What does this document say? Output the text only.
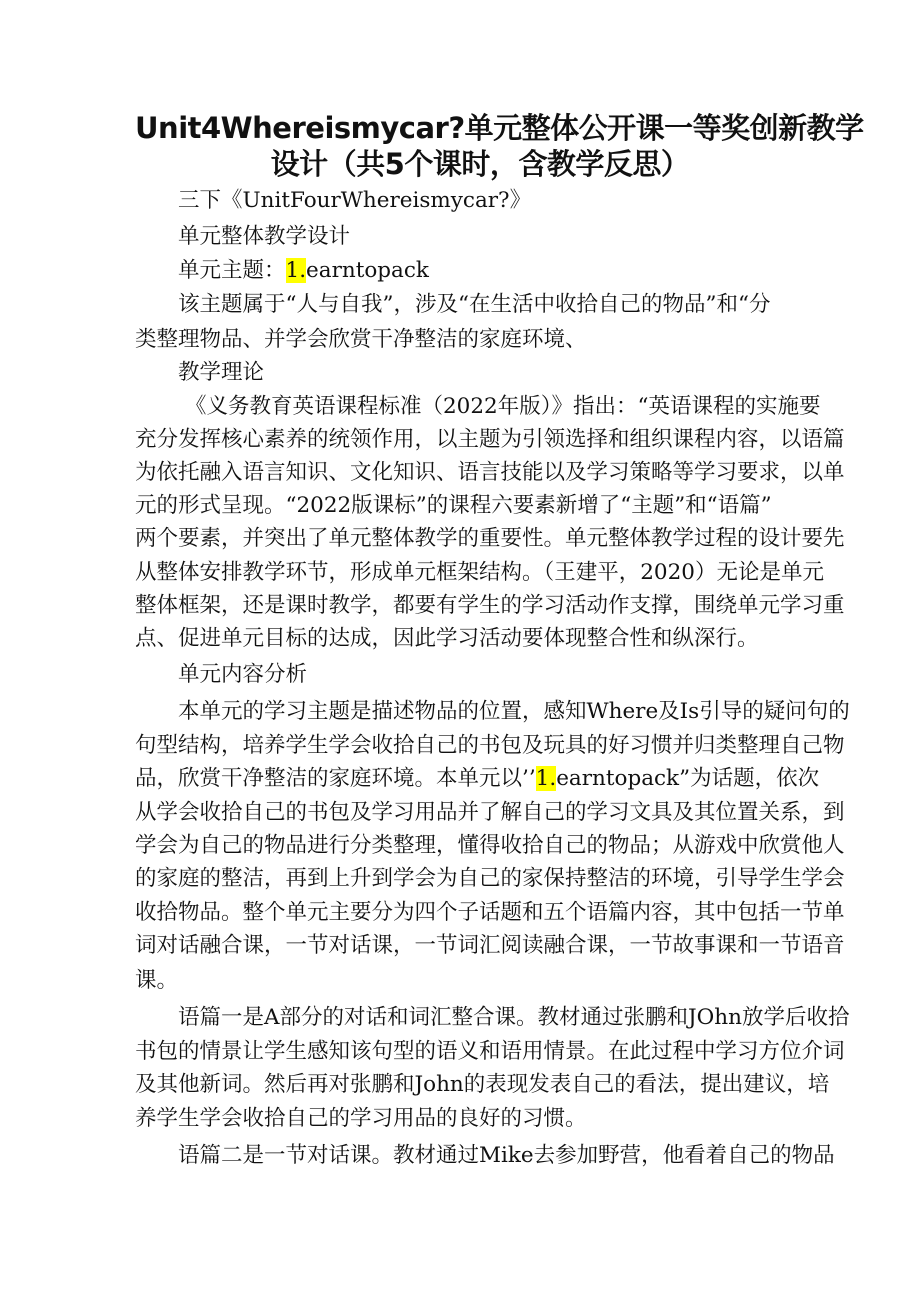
Unit4Whereismycar?单元整体公开课一等奖创新教学
设计（共5个课时，含教学反思）
三下《UnitFourWhereismycar?》
单元整体教学设计
单元主题：1.earntopack
该主题属于“人与自我”，涉及“在生活中收拾自己的物品”和“分
类整理物品、并学会欣赏干净整洁的家庭环境、
教学理论
《义务教育英语课程标准（2022年版）》指出：“英语课程的实施要
充分发挥核心素养的统领作用，以主题为引领选择和组织课程内容，以语篇
为依托融入语言知识、文化知识、语言技能以及学习策略等学习要求，以单
元的形式呈现。“2022版课标”的课程六要素新增了“主题”和“语篇”
两个要素，并突出了单元整体教学的重要性。单元整体教学过程的设计要先
从整体安排教学环节，形成单元框架结构。（王建平，2020）无论是单元
整体框架，还是课时教学，都要有学生的学习活动作支撑，围绕单元学习重
点、促进单元目标的达成，因此学习活动要体现整合性和纵深行。
单元内容分析
本单元的学习主题是描述物品的位置，感知Where及Is引导的疑问句的
句型结构，培养学生学会收拾自己的书包及玩具的好习惯并归类整理自己物
品，欣赏干净整洁的家庭环境。本单元以’’1.earntopack”为话题，依次
从学会收拾自己的书包及学习用品并了解自己的学习文具及其位置关系，到
学会为自己的物品进行分类整理，懂得收拾自己的物品；从游戏中欣赏他人
的家庭的整洁，再到上升到学会为自己的家保持整洁的环境，引导学生学会
收拾物品。整个单元主要分为四个子话题和五个语篇内容，其中包括一节单
词对话融合课，一节对话课，一节词汇阅读融合课，一节故事课和一节语音
课。
语篇一是A部分的对话和词汇整合课。教材通过张鹏和JOhn放学后收拾
书包的情景让学生感知该句型的语义和语用情景。在此过程中学习方位介词
及其他新词。然后再对张鹏和John的表现发表自己的看法，提出建议，培
养学生学会收拾自己的学习用品的良好的习惯。
语篇二是一节对话课。教材通过Mike去参加野营，他看着自己的物品
